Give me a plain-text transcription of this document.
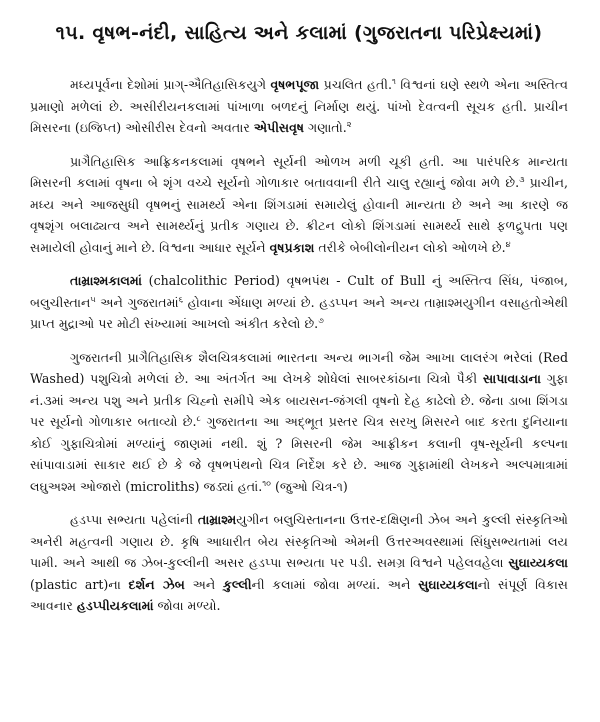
૧૫. વૃષભ-નંદી, સાહિત્ય અને કલામાં (ગુજરાતના પરિપ્રેક્ષ્યમાં)

મધ્યપૂર્વના દેશોમાં પ્રાગ્-ઐતિહાસિકયુગે વૃષભપૂજા પ્રચલિત હતી.$^૧$ વિશ્વનાં ઘણે સ્થળે એના અસ્તિત્વ પ્રમાણો મળેલાં છે. અસીરીયનકલામાં પાંખાળા બળદનું નિર્માણ થયું. પાંખો દેવત્વની સૂચક હતી. પ્રાચીન મિસરના (ઇજિપ્ત) ઓસીરીસ દેવનો અવતાર એપીસવૃષ ગણાતો.$^૨$

પ્રાગૈતિહાસિક આફ્રિકનકલામાં વૃષભને સૂર્યની ઓળખ મળી ચૂકી હતી. આ પારંપરિક માન્યતા મિસરની કલામાં વૃષના બે શૃંગ વચ્ચે સૂર્યનો ગોળાકાર બતાવવાની રીતે ચાલુ રહ્યાનું જોવા મળે છે.$^૩$ પ્રાચીન, મધ્ય અને આજસુધી વૃષભનું સામર્થ્ય એના શિંગડામાં સમાયેલું હોવાની માન્યતા છે અને આ કારણે જ વૃષશૃંગ બલાઢ્યત્વ અને સામર્થ્યનું પ્રતીક ગણાય છે. ક્રીટન લોકો શિંગડામાં સામર્થ્ય સાથે ફળદ્રુપતા પણ સમાયેલી હોવાનું માને છે. વિશ્વના આધાર સૂર્યને વૃષપ્રકાશ તરીકે બેબીલોનીયન લોકો ઓળખે છે.$^૪$

તામ્રાશ્મકાલમાં (chalcolithic Period) વૃષભપંથ - Cult of Bull નું અસ્તિત્વ સિંધ, પંજાબ, બલુચીસ્તાન$^૫$ અને ગુજરાતમાં$^૬$ હોવાના એંધાણ મળ્યાં છે. હડપ્પન અને અન્ય તામ્રાશ્મયુગીન વસાહતોએથી પ્રાપ્ત મુદ્રાઓ પર મોટી સંખ્યામાં આખલો અંકીત કરેલો છે.$^૭$

ગુજરાતની પ્રાગૈતિહાસિક શૈલચિત્રકલામાં ભારતના અન્ય ભાગની જેમ આખા લાલરંગ ભરેલાં (Red Washed) પશુચિત્રો મળેલાં છે. આ અંતર્ગત આ લેખકે શોધેલાં સાબરકાંઠાના ચિત્રો પૈકી સાપાવાડાના ગુફા નં.૩માં અન્ય પશુ અને પ્રતીક ચિહ્નો સમીપે એક બાયસન-જંગલી વૃષનો દેહ કાઢેલો છે. જેના ડાબા શિંગડા પર સૂર્યનો ગોળાકાર બતાવ્યો છે.$^૮$ ગુજરાતના આ અદ્ભૂત પ્રસ્તર ચિત્ર સરખુ મિસરને બાદ કરતા દુનિયાના કોઈ ગુફાચિત્રોમાં મળ્યાંનું જાણમાં નથી. શું ? મિસરની જેમ આફ્રીકન કલાની વૃષ-સૂર્યની કલ્પના સાંપાવાડામાં સાકાર થઈ છે કે જે વૃષભપંથનો ચિત્ર નિર્દેશ કરે છે. આજ ગુફામાંથી લેખકને અલ્પમાત્રામાં લઘુઅશ્મ ઓજારો (microliths) જડ્યાં હતાં.$^{૧૦}$ (જુઓ ચિત્ર-૧)

હડપ્પા સભ્યતા પહેલાંની તામ્રાશ્મયુગીન બલુચિસ્તાનના ઉત્તર-દક્ષિણની ઝેબ અને કુલ્લી સંસ્કૃતિઓ અનેરી મહત્વની ગણાય છે. કૃષિ આધારીત બેય સંસ્કૃતિઓ એમની ઉત્તરઅવસ્થામાં સિંધુસભ્યતામાં લય પામી. અને આથી જ ઝેબ-કુલ્લીની અસર હડપ્પા સભ્યતા પર પડી. સમગ્ર વિશ્વને પહેલવહેલા સુઘાય્યકલા (plastic art)ના દર્શન ઝેબ અને કુલ્લીની કલામાં જોવા મળ્યાં. અને સુઘાય્યકલાનો સંપૂર્ણ વિકાસ આવનાર હડપ્પીયકલામાં જોવા મળ્યો.
